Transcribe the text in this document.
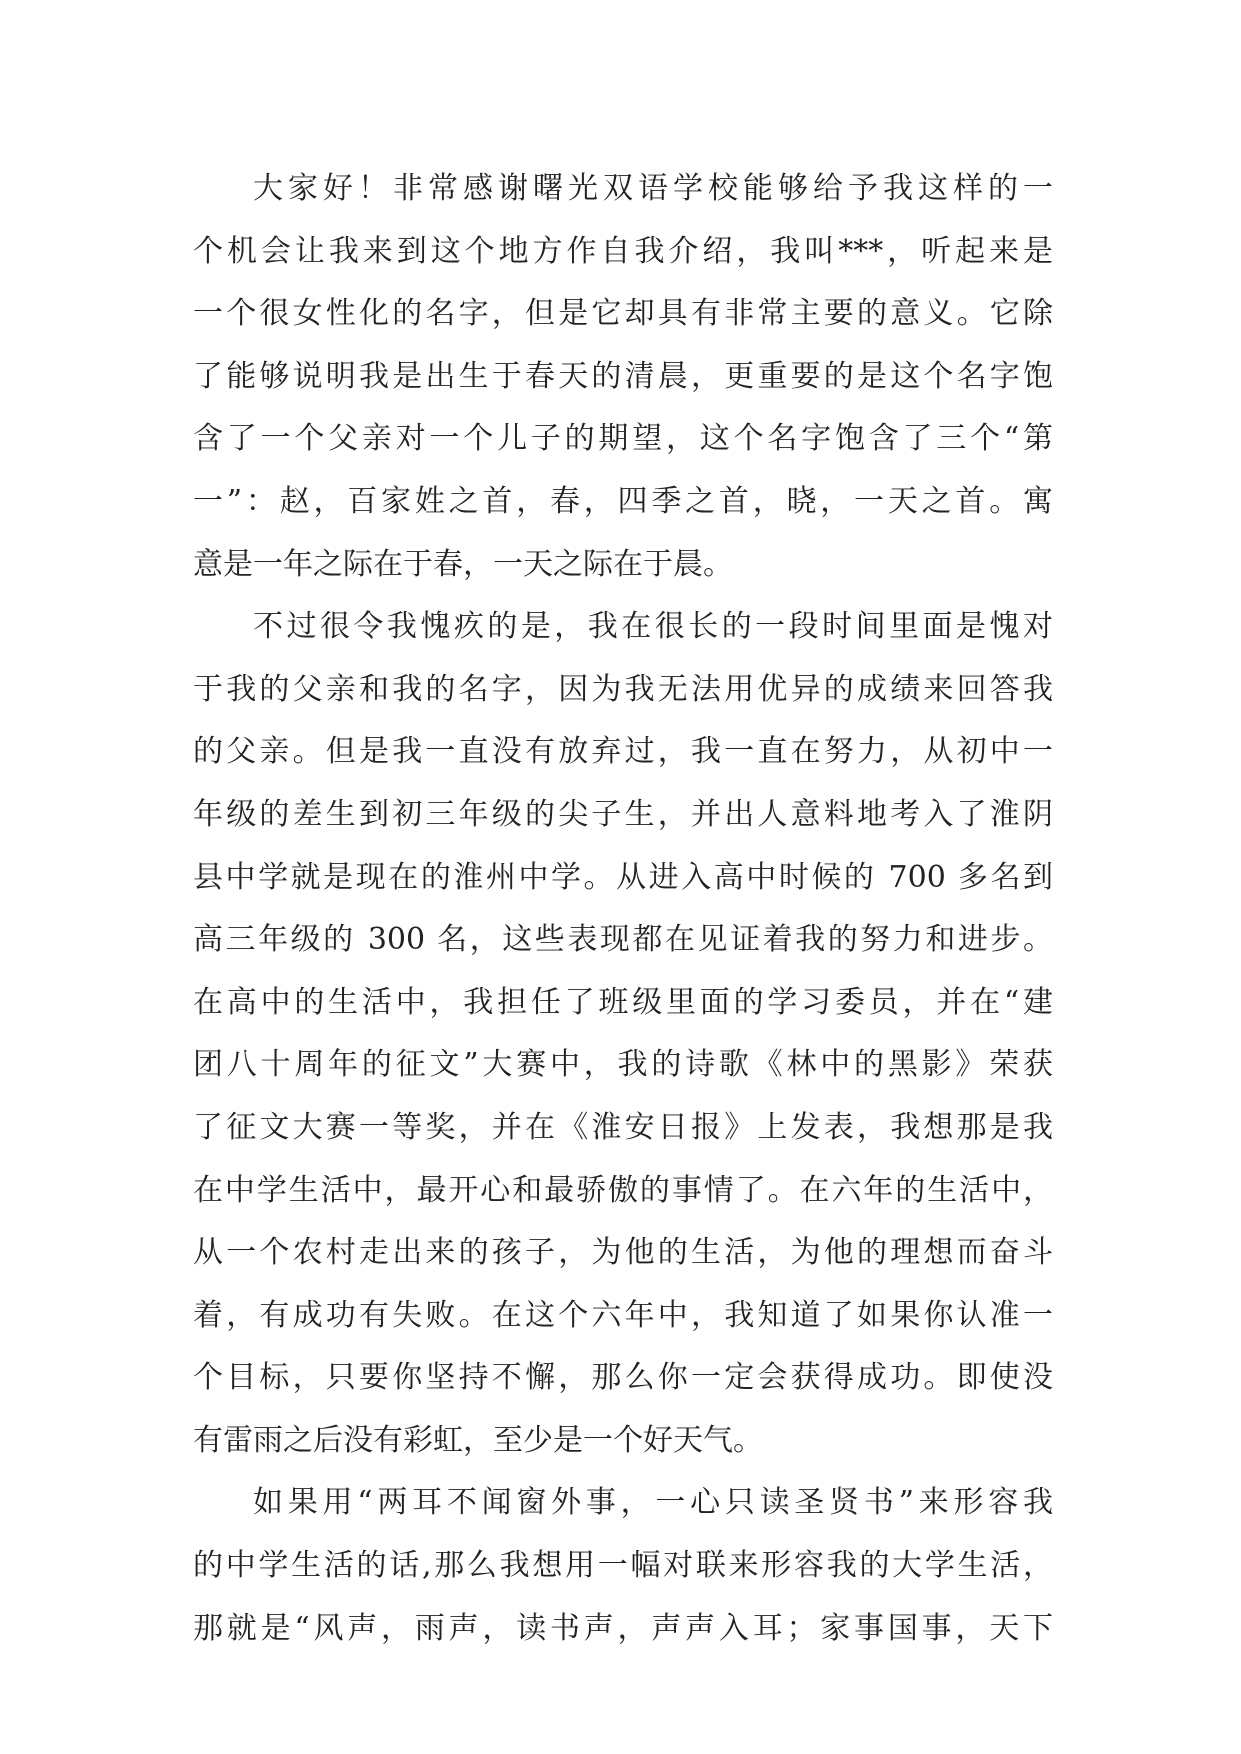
大家好！非常感谢曙光双语学校能够给予我这样的一
个机会让我来到这个地方作自我介绍，我叫***，听起来是
一个很女性化的名字，但是它却具有非常主要的意义。它除
了能够说明我是出生于春天的清晨，更重要的是这个名字饱
含了一个父亲对一个儿子的期望，这个名字饱含了三个“第
一”：赵，百家姓之首，春，四季之首，晓，一天之首。寓
意是一年之际在于春，一天之际在于晨。
不过很令我愧疚的是，我在很长的一段时间里面是愧对
于我的父亲和我的名字，因为我无法用优异的成绩来回答我
的父亲。但是我一直没有放弃过，我一直在努力，从初中一
年级的差生到初三年级的尖子生，并出人意料地考入了淮阴
县中学就是现在的淮州中学。从进入高中时候的 700 多名到
高三年级的 300 名，这些表现都在见证着我的努力和进步。
在高中的生活中，我担任了班级里面的学习委员，并在“建
团八十周年的征文”大赛中，我的诗歌《林中的黑影》荣获
了征文大赛一等奖，并在《淮安日报》上发表，我想那是我
在中学生活中，最开心和最骄傲的事情了。在六年的生活中，
从一个农村走出来的孩子，为他的生活，为他的理想而奋斗
着，有成功有失败。在这个六年中，我知道了如果你认准一
个目标，只要你坚持不懈，那么你一定会获得成功。即使没
有雷雨之后没有彩虹，至少是一个好天气。
如果用“两耳不闻窗外事，一心只读圣贤书”来形容我
的中学生活的话,那么我想用一幅对联来形容我的大学生活，
那就是“风声，雨声，读书声，声声入耳；家事国事，天下
